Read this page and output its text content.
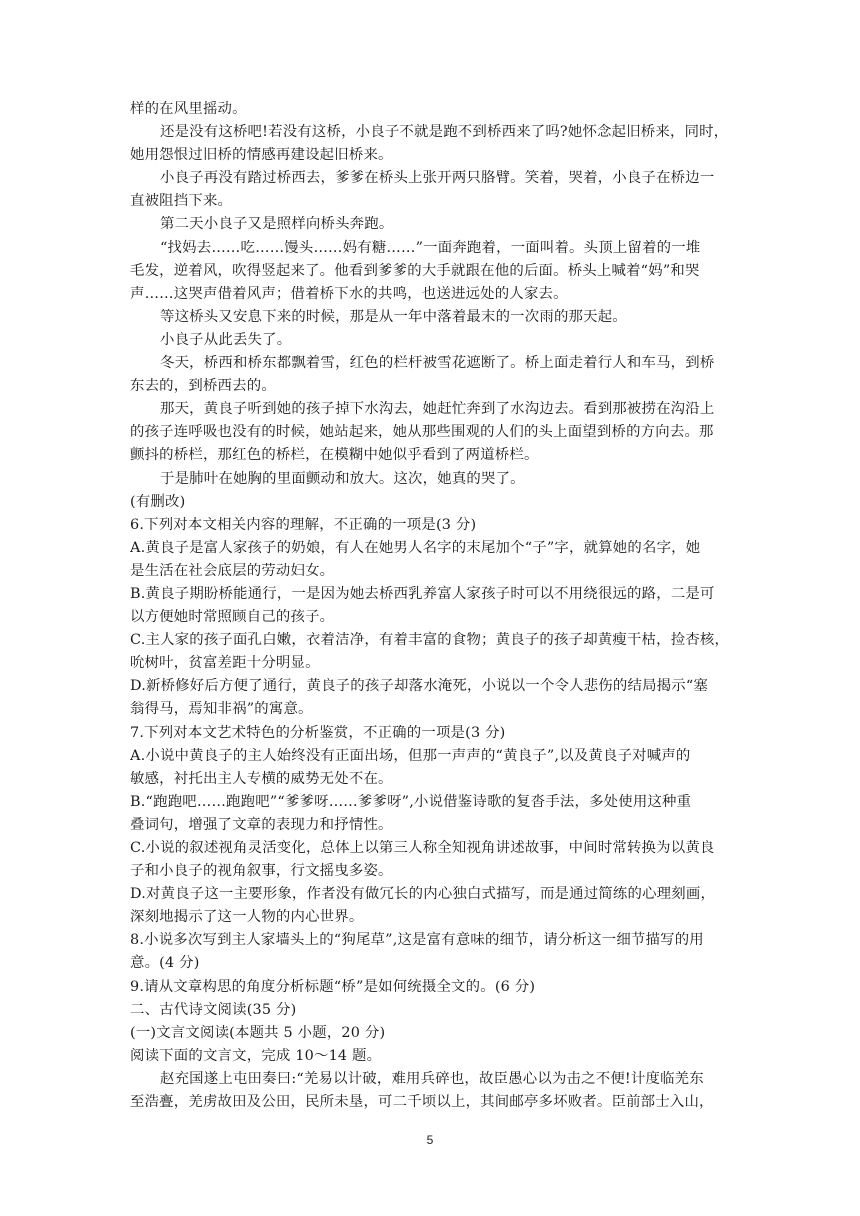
样的在风里摇动。
还是没有这桥吧!若没有这桥，小良子不就是跑不到桥西来了吗?她怀念起旧桥来，同时，
她用怨恨过旧桥的情感再建设起旧桥来。
小良子再没有踏过桥西去，爹爹在桥头上张开两只胳臂。笑着，哭着，小良子在桥边一
直被阻挡下来。
第二天小良子又是照样向桥头奔跑。
“找妈去……吃……馒头……妈有糖……”一面奔跑着，一面叫着。头顶上留着的一堆
毛发，逆着风，吹得竖起来了。他看到爹爹的大手就跟在他的后面。桥头上喊着“妈”和哭
声……这哭声借着风声；借着桥下水的共鸣，也送进远处的人家去。
等这桥头又安息下来的时候，那是从一年中落着最末的一次雨的那天起。
小良子从此丢失了。
冬天，桥西和桥东都飘着雪，红色的栏杆被雪花遮断了。桥上面走着行人和车马，到桥
东去的，到桥西去的。
那天，黄良子听到她的孩子掉下水沟去，她赶忙奔到了水沟边去。看到那被捞在沟沿上
的孩子连呼吸也没有的时候，她站起来，她从那些围观的人们的头上面望到桥的方向去。那
颤抖的桥栏，那红色的桥栏，在模糊中她似乎看到了两道桥栏。
于是肺叶在她胸的里面颤动和放大。这次，她真的哭了。
(有删改)
6.下列对本文相关内容的理解，不正确的一项是(3 分)
A.黄良子是富人家孩子的奶娘，有人在她男人名字的末尾加个“子”字，就算她的名字，她
是生活在社会底层的劳动妇女。
B.黄良子期盼桥能通行，一是因为她去桥西乳养富人家孩子时可以不用绕很远的路，二是可
以方便她时常照顾自己的孩子。
C.主人家的孩子面孔白嫩，衣着洁净，有着丰富的食物；黄良子的孩子却黄瘦干枯，捡杏核，
吮树叶，贫富差距十分明显。
D.新桥修好后方便了通行，黄良子的孩子却落水淹死，小说以一个令人悲伤的结局揭示“塞
翁得马，焉知非祸”的寓意。
7.下列对本文艺术特色的分析鉴赏，不正确的一项是(3 分)
A.小说中黄良子的主人始终没有正面出场，但那一声声的“黄良子”,以及黄良子对喊声的
敏感，衬托出主人专横的威势无处不在。
B.“跑跑吧……跑跑吧”“爹爹呀……爹爹呀”,小说借鉴诗歌的复沓手法，多处使用这种重
叠词句，增强了文章的表现力和抒情性。
C.小说的叙述视角灵活变化，总体上以第三人称全知视角讲述故事，中间时常转换为以黄良
子和小良子的视角叙事，行文摇曳多姿。
D.对黄良子这一主要形象，作者没有做冗长的内心独白式描写，而是通过简练的心理刻画，
深刻地揭示了这一人物的内心世界。
8.小说多次写到主人家墙头上的“狗尾草”,这是富有意味的细节，请分析这一细节描写的用
意。(4 分)
9.请从文章构思的角度分析标题“桥”是如何统摄全文的。(6 分)
二、古代诗文阅读(35 分)
(一)文言文阅读(本题共 5 小题，20 分)
阅读下面的文言文，完成 10～14 题。
赵充国遂上屯田奏曰:“羌易以计破，难用兵碎也，故臣愚心以为击之不便!计度临羌东
至浩亹，羌虏故田及公田，民所未垦，可二千顷以上，其间邮亭多坏败者。臣前部士入山，
5
